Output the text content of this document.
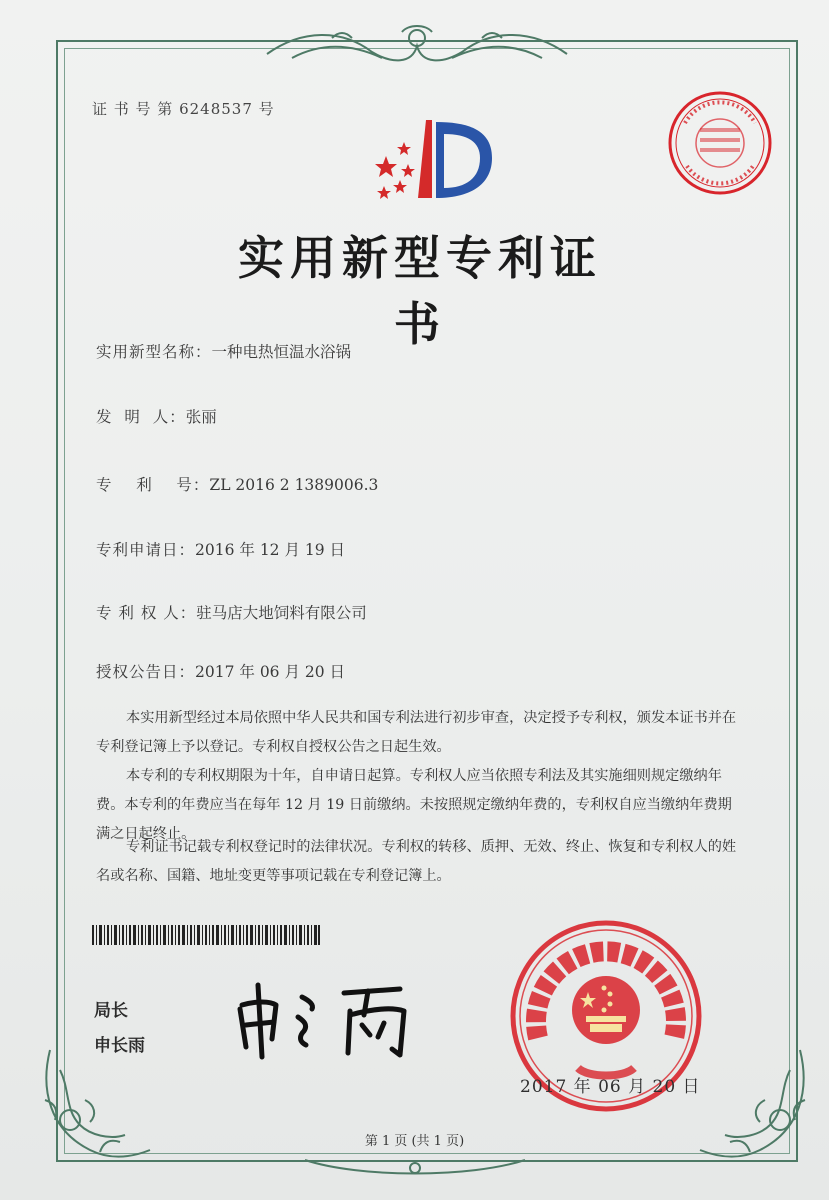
证 书 号 第 6248537 号
实用新型专利证书
实用新型名称：一种电热恒温水浴锅
发  明  人：张丽
专    利    号：ZL 2016 2 1389006.3
专利申请日：2016 年 12 月 19 日
专 利 权 人：驻马店大地饲料有限公司
授权公告日：2017 年 06 月 20 日
本实用新型经过本局依照中华人民共和国专利法进行初步审查，决定授予专利权，颁发本证书并在专利登记簿上予以登记。专利权自授权公告之日起生效。
本专利的专利权期限为十年，自申请日起算。专利权人应当依照专利法及其实施细则规定缴纳年费。本专利的年费应当在每年 12 月 19 日前缴纳。未按照规定缴纳年费的，专利权自应当缴纳年费期满之日起终止。
专利证书记载专利权登记时的法律状况。专利权的转移、质押、无效、终止、恢复和专利权人的姓名或名称、国籍、地址变更等事项记载在专利登记簿上。
局长
申长雨
2017 年 06 月 20 日
第 1 页 (共 1 页)
